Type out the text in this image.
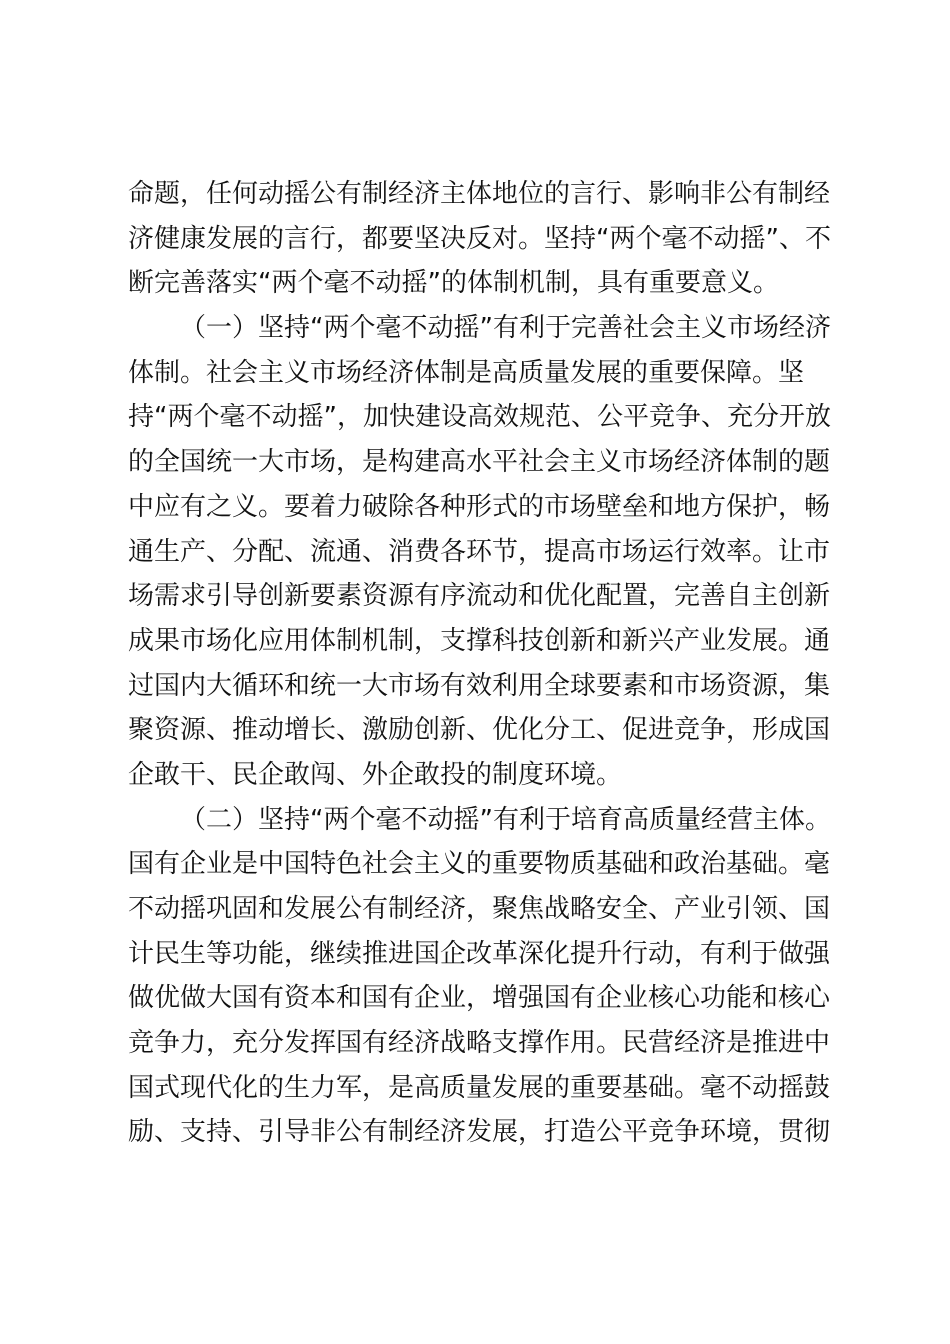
命题，任何动摇公有制经济主体地位的言行、影响非公有制经
济健康发展的言行，都要坚决反对。坚持“两个毫不动摇”、不
断完善落实“两个毫不动摇”的体制机制，具有重要意义。
（一）坚持“两个毫不动摇”有利于完善社会主义市场经济
体制。社会主义市场经济体制是高质量发展的重要保障。坚
持“两个毫不动摇”，加快建设高效规范、公平竞争、充分开放
的全国统一大市场，是构建高水平社会主义市场经济体制的题
中应有之义。要着力破除各种形式的市场壁垒和地方保护，畅
通生产、分配、流通、消费各环节，提高市场运行效率。让市
场需求引导创新要素资源有序流动和优化配置，完善自主创新
成果市场化应用体制机制，支撑科技创新和新兴产业发展。通
过国内大循环和统一大市场有效利用全球要素和市场资源，集
聚资源、推动增长、激励创新、优化分工、促进竞争，形成国
企敢干、民企敢闯、外企敢投的制度环境。
（二）坚持“两个毫不动摇”有利于培育高质量经营主体。
国有企业是中国特色社会主义的重要物质基础和政治基础。毫
不动摇巩固和发展公有制经济，聚焦战略安全、产业引领、国
计民生等功能，继续推进国企改革深化提升行动，有利于做强
做优做大国有资本和国有企业，增强国有企业核心功能和核心
竞争力，充分发挥国有经济战略支撑作用。民营经济是推进中
国式现代化的生力军，是高质量发展的重要基础。毫不动摇鼓
励、支持、引导非公有制经济发展，打造公平竞争环境，贯彻
